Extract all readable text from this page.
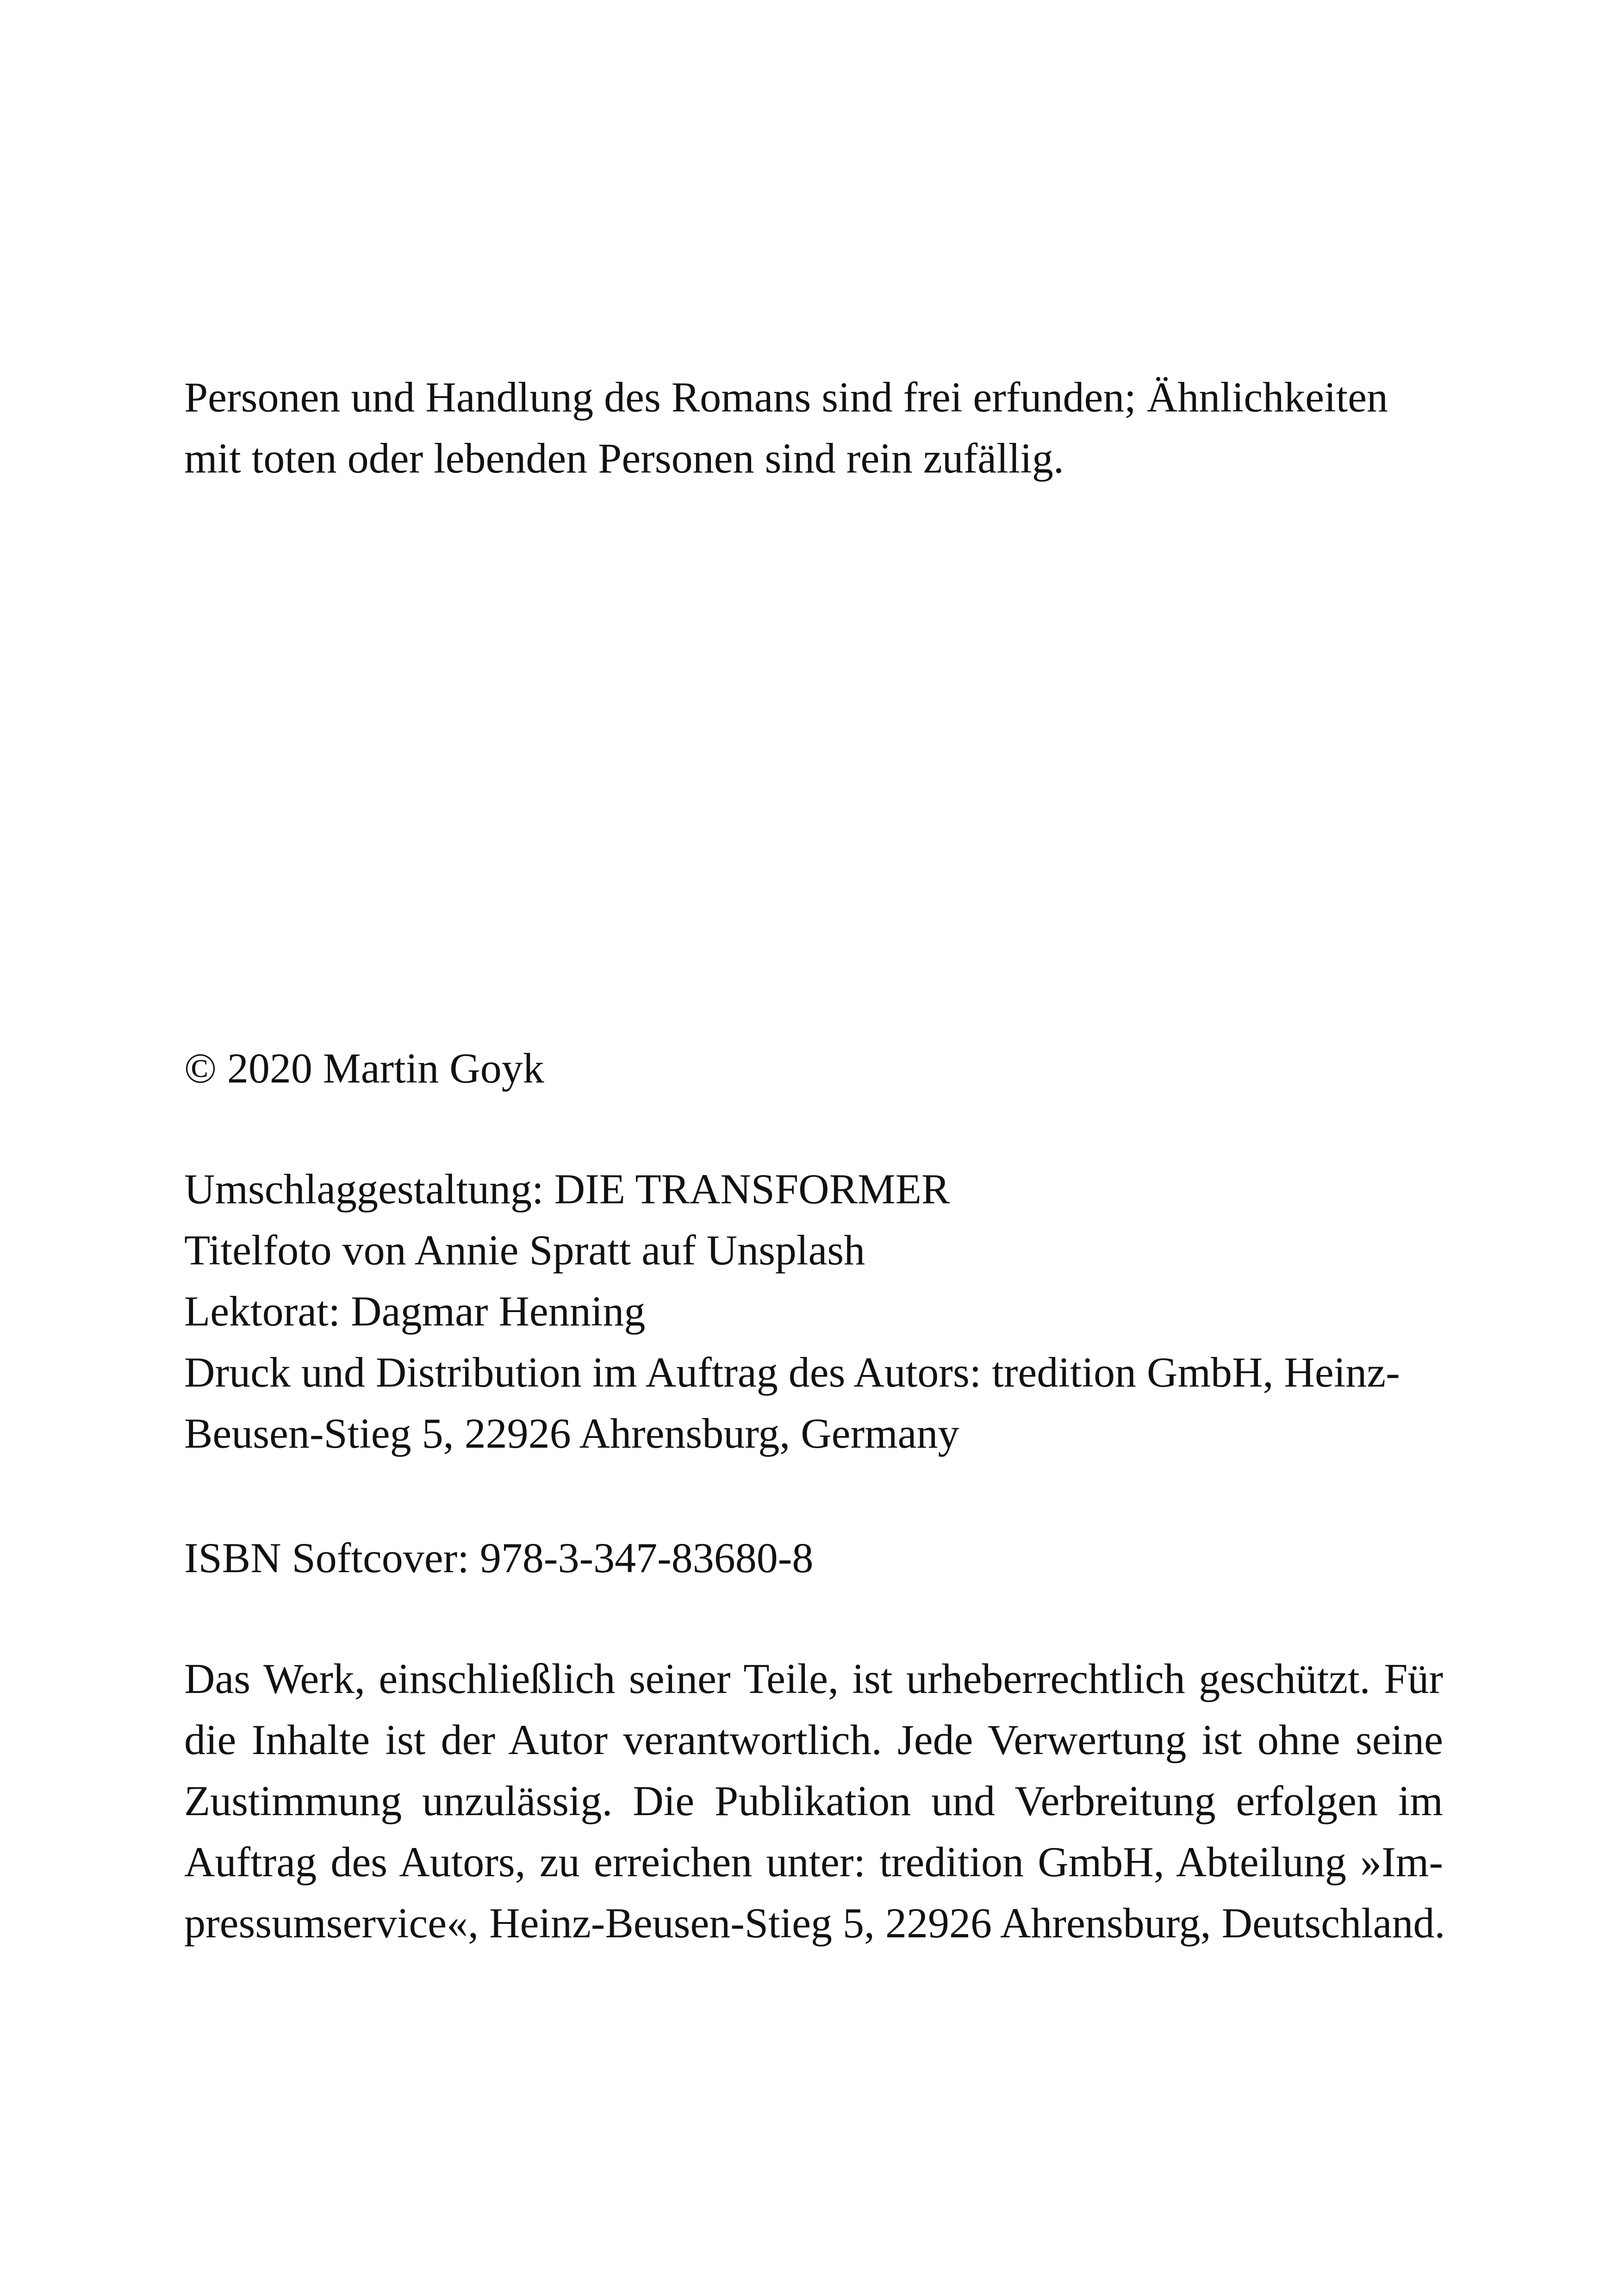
Personen und Handlung des Romans sind frei erfunden; Ähnlichkeiten

mit toten oder lebenden Personen sind rein zufällig.

© 2020 Martin Goyk

Umschlaggestaltung: DIE TRANSFORMER

Titelfoto von Annie Spratt auf Unsplash

Lektorat: Dagmar Henning

Druck und Distribution im Auftrag des Autors: tredition GmbH, Heinz-

Beusen-Stieg 5, 22926 Ahrensburg, Germany

ISBN Softcover: 978-3-347-83680-8

Das Werk, einschließlich seiner Teile, ist urheberrechtlich geschützt. Für

die Inhalte ist der Autor verantwortlich. Jede Verwertung ist ohne seine

Zustimmung unzulässig. Die Publikation und Verbreitung erfolgen im

Auftrag des Autors, zu erreichen unter: tredition GmbH, Abteilung »Im-

pressumservice«, Heinz-Beusen-Stieg 5, 22926 Ahrensburg, Deutschland.
